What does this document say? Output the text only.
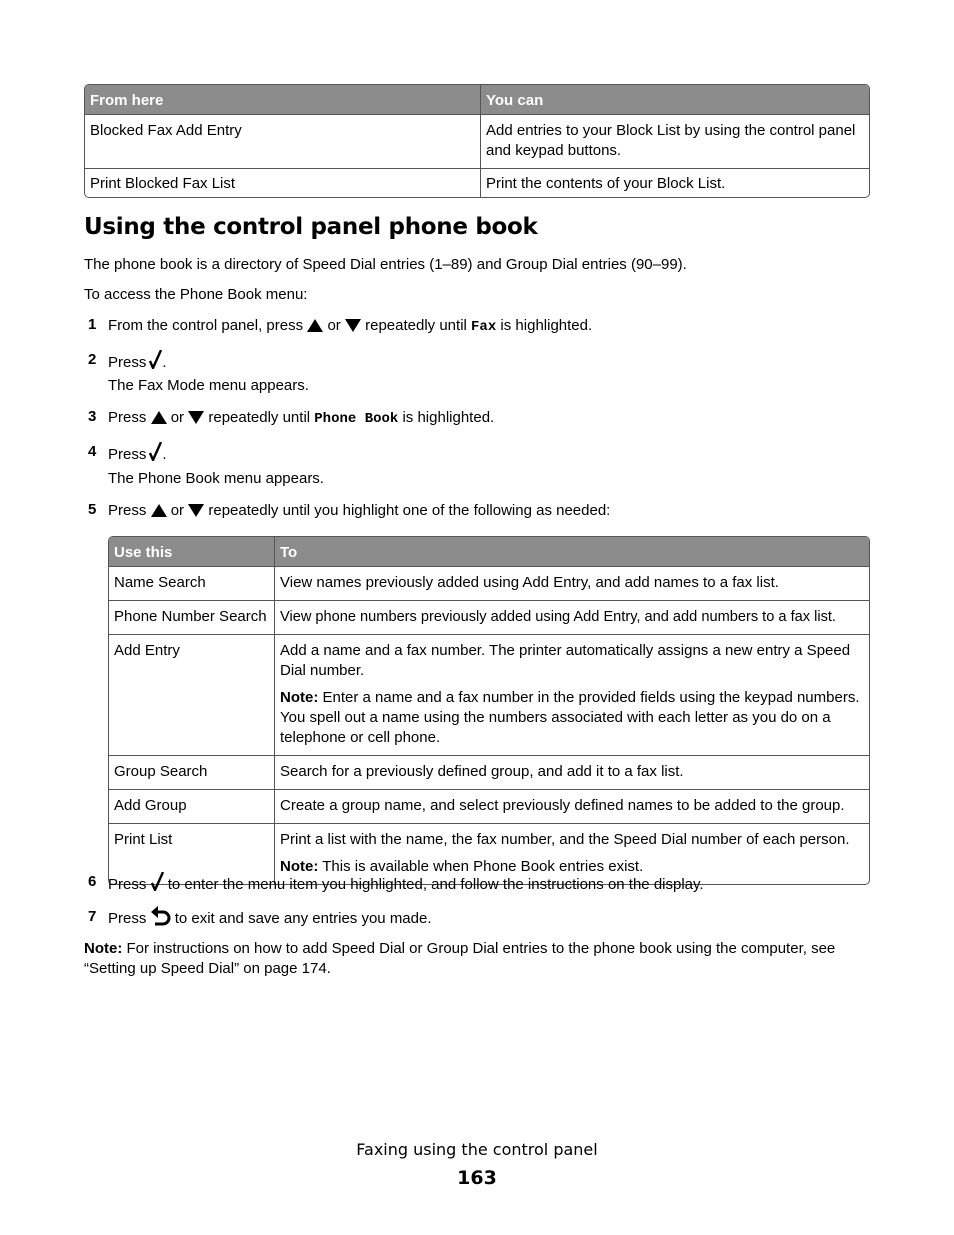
From here	You can
Blocked Fax Add Entry	Add entries to your Block List by using the control panel and keypad buttons.
Print Blocked Fax List	Print the contents of your Block List.
Using the control panel phone book

The phone book is a directory of Speed Dial entries (1–89) and Group Dial entries (90–99).

To access the Phone Book menu:

1 From the control panel, press or repeatedly until Fax is highlighted.
2 Press .
The Fax Mode menu appears.
3 Press or repeatedly until Phone Book is highlighted.
4 Press .
The Phone Book menu appears.
5 Press or repeatedly until you highlight one of the following as needed:
Use this	To
Name Search	View names previously added using Add Entry, and add names to a fax list.
Phone Number Search	View phone numbers previously added using Add Entry, and add numbers to a fax list.
Add Entry	Add a name and a fax number. The printer automatically assigns a new entry a Speed Dial number.
Note: Enter a name and a fax number in the provided fields using the keypad numbers. You spell out a name using the numbers associated with each letter as you do on a telephone or cell phone.

Group Search	Search for a previously defined group, and add it to a fax list.
Add Group	Create a group name, and select previously defined names to be added to the group.
Print List	Print a list with the name, the fax number, and the Speed Dial number of each person.
Note: This is available when Phone Book entries exist.
6 Press to enter the menu item you highlighted, and follow the instructions on the display.
7 Press to exit and save any entries you made.

Note: For instructions on how to add Speed Dial or Group Dial entries to the phone book using the computer, see “Setting up Speed Dial” on page 174.

Faxing using the control panel
163
